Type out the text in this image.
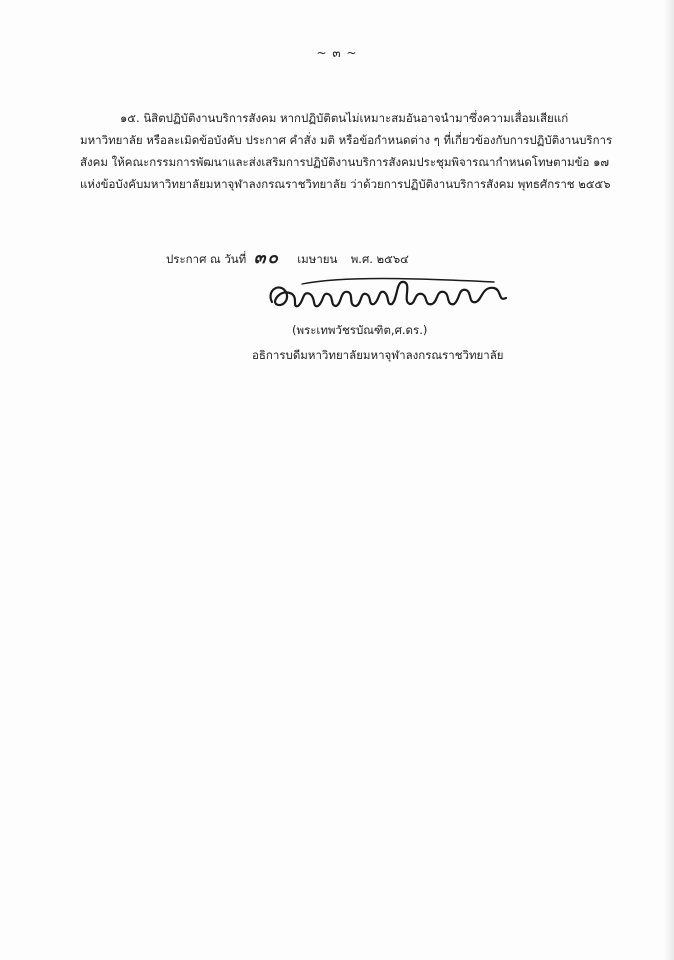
~ ๓ ~
๑๕. นิสิตปฏิบัติงานบริการสังคม หากปฏิบัติตนไม่เหมาะสมอันอาจนำมาซึ่งความเสื่อมเสียแก่
มหาวิทยาลัย หรือละเมิดข้อบังคับ ประกาศ คำสั่ง มติ หรือข้อกำหนดต่าง ๆ ที่เกี่ยวข้องกับการปฏิบัติงานบริการ
สังคม ให้คณะกรรมการพัฒนาและส่งเสริมการปฏิบัติงานบริการสังคมประชุมพิจารณากำหนดโทษตามข้อ ๑๗
แห่งข้อบังคับมหาวิทยาลัยมหาจุฬาลงกรณราชวิทยาลัย ว่าด้วยการปฏิบัติงานบริการสังคม พุทธศักราช ๒๕๕๖
ประกาศ ณ วันที่ ๓๐ เมษายน พ.ศ. ๒๕๖๔
(พระเทพวัชรบัณฑิต,ศ.ดร.)
อธิการบดีมหาวิทยาลัยมหาจุฬาลงกรณราชวิทยาลัย
